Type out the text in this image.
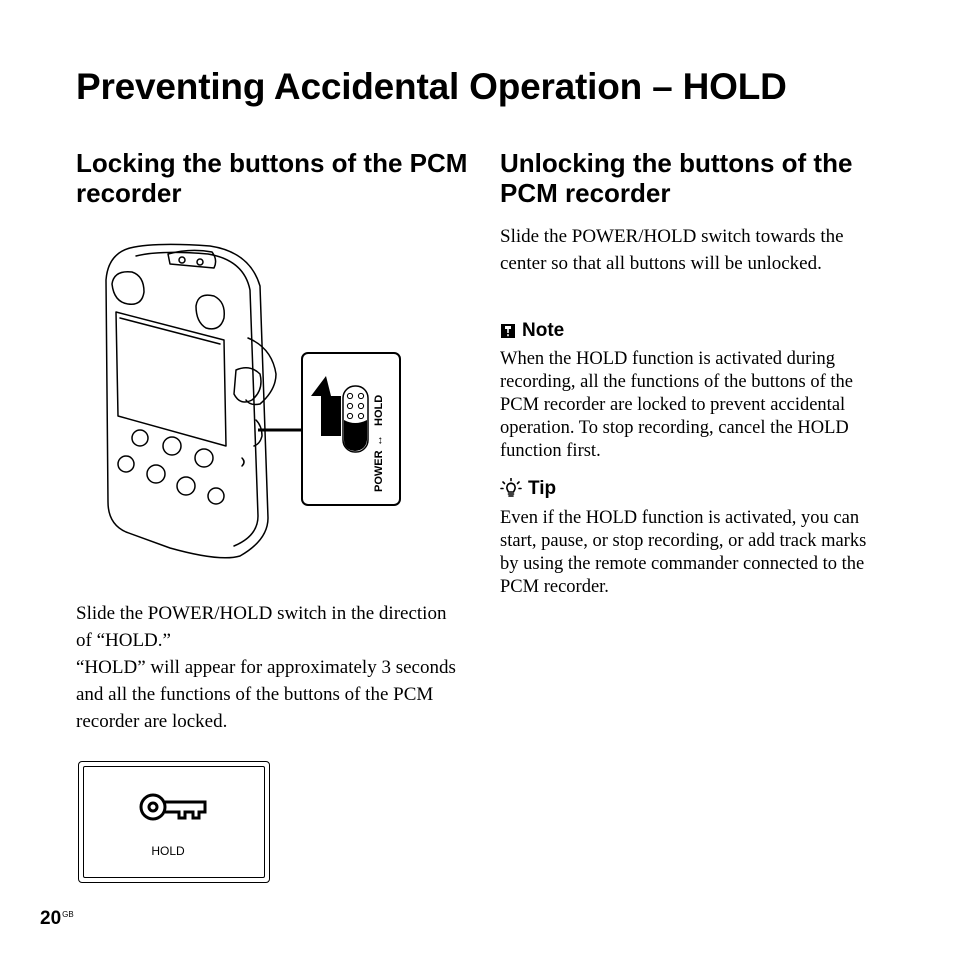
Preventing Accidental Operation – HOLD
Locking the buttons of the PCM recorder
POWER
↔
HOLD
Slide the POWER/HOLD switch in the direction of “HOLD.”
“HOLD” will appear for approximately 3 seconds and all the functions of the buttons of the PCM recorder are locked.
HOLD
Unlocking the buttons of the PCM recorder
Slide the POWER/HOLD switch towards the center so that all buttons will be unlocked.
Note
When the HOLD function is activated during recording, all the functions of the buttons of the PCM recorder are locked to prevent accidental operation. To stop recording, cancel the HOLD function first.
Tip
Even if the HOLD function is activated, you can start, pause, or stop recording, or add track marks by using the remote commander connected to the PCM recorder.
$20^{GB}$
